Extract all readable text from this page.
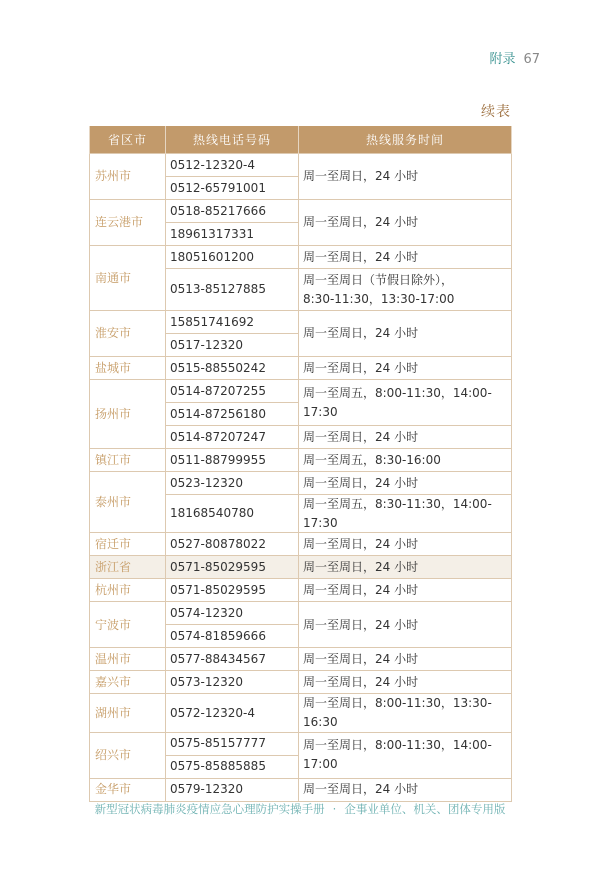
附录 67
续表
省区市	热线电话号码	热线服务时间
苏州市	0512-12320-4	周一至周日，24 小时
	0512-65791001	
连云港市	0518-85217666	周一至周日，24 小时
	18961317331	
南通市	18051601200	周一至周日，24 小时
	0513-85127885	周一至周日（节假日除外），
8:30-11:30，13:30-17:00
淮安市	15851741692	周一至周日，24 小时
	0517-12320	
盐城市	0515-88550242	周一至周日，24 小时
扬州市	0514-87207255	周一至周五，8:00-11:30，14:00-17:30
	0514-87256180	
	0514-87207247	周一至周日，24 小时
镇江市	0511-88799955	周一至周五，8:30-16:00
泰州市	0523-12320	周一至周日，24 小时
	18168540780	周一至周五，8:30-11:30，14:00-17:30
宿迁市	0527-80878022	周一至周日，24 小时
浙江省	0571-85029595	周一至周日，24 小时
杭州市	0571-85029595	周一至周日，24 小时
宁波市	0574-12320	周一至周日，24 小时
	0574-81859666	
温州市	0577-88434567	周一至周日，24 小时
嘉兴市	0573-12320	周一至周日，24 小时
湖州市	0572-12320-4	周一至周日，8:00-11:30，13:30-16:30
绍兴市	0575-85157777	周一至周日，8:00-11:30，14:00-17:00
	0575-85885885	
金华市	0579-12320	周一至周日，24 小时
新型冠状病毒肺炎疫情应急心理防护实操手册 · 企事业单位、机关、团体专用版
